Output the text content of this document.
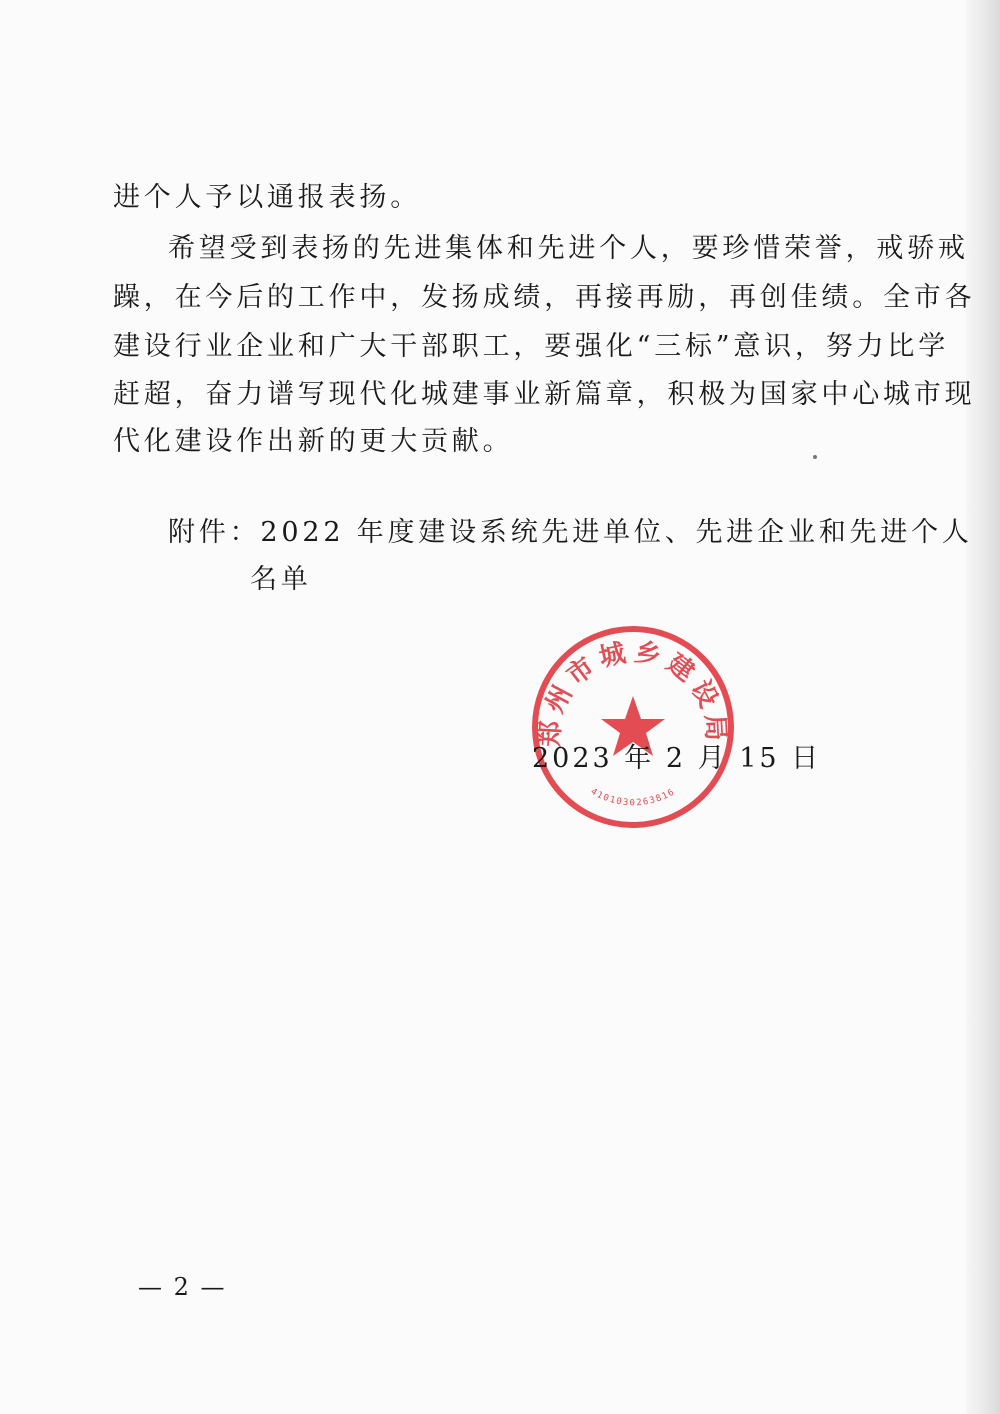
进个人予以通报表扬。
希望受到表扬的先进集体和先进个人，要珍惜荣誉，戒骄戒
躁，在今后的工作中，发扬成绩，再接再励，再创佳绩。全市各
建设行业企业和广大干部职工，要强化“三标”意识，努力比学
赶超，奋力谱写现代化城建事业新篇章，积极为国家中心城市现
代化建设作出新的更大贡献。
附件：2022 年度建设系统先进单位、先进企业和先进个人
名单
郑州市城乡建设局
4101030263816
2023 年 2 月 15 日
— 2 —
